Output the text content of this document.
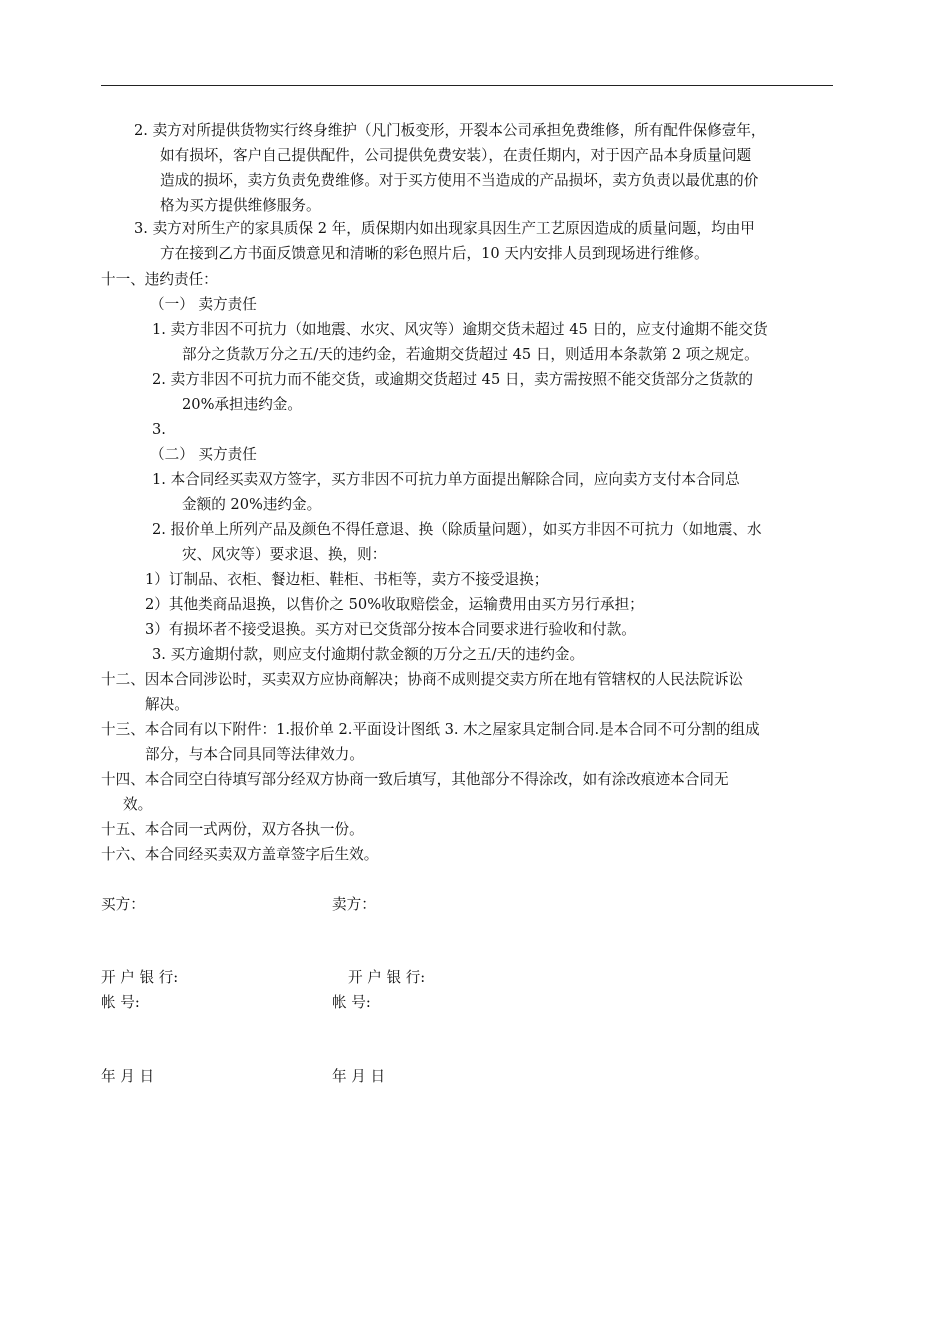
2. 卖方对所提供货物实行终身维护（凡门板变形，开裂本公司承担免费维修，所有配件保修壹年，

如有损坏，客户自己提供配件，公司提供免费安装），在责任期内，对于因产品本身质量问题

造成的损坏，卖方负责免费维修。对于买方使用不当造成的产品损坏，卖方负责以最优惠的价

格为买方提供维修服务。

3. 卖方对所生产的家具质保 2 年，质保期内如出现家具因生产工艺原因造成的质量问题，均由甲

方在接到乙方书面反馈意见和清晰的彩色照片后，10 天内安排人员到现场进行维修。

十一、违约责任：

（一） 卖方责任

1. 卖方非因不可抗力（如地震、水灾、风灾等）逾期交货未超过 45 日的，应支付逾期不能交货

部分之货款万分之五/天的违约金，若逾期交货超过 45 日，则适用本条款第 2 项之规定。

2. 卖方非因不可抗力而不能交货，或逾期交货超过 45 日，卖方需按照不能交货部分之货款的

20%承担违约金。

3.

（二） 买方责任

1. 本合同经买卖双方签字，买方非因不可抗力单方面提出解除合同，应向卖方支付本合同总

金额的 20%违约金。

2. 报价单上所列产品及颜色不得任意退、换（除质量问题），如买方非因不可抗力（如地震、水

灾、风灾等）要求退、换，则：

1）订制品、衣柜、餐边柜、鞋柜、书柜等，卖方不接受退换；

2）其他类商品退换，以售价之 50%收取赔偿金，运输费用由买方另行承担；

3）有损坏者不接受退换。买方对已交货部分按本合同要求进行验收和付款。

3. 买方逾期付款，则应支付逾期付款金额的万分之五/天的违约金。

十二、因本合同涉讼时，买卖双方应协商解决；协商不成则提交卖方所在地有管辖权的人民法院诉讼

解决。

十三、本合同有以下附件：1.报价单 2.平面设计图纸 3. 木之屋家具定制合同.是本合同不可分割的组成

部分，与本合同具同等法律效力。

十四、本合同空白待填写部分经双方协商一致后填写，其他部分不得涂改，如有涂改痕迹本合同无

效。

十五、本合同一式两份，双方各执一份。

十六、本合同经买卖双方盖章签字后生效。

买方：	卖方：

开 户 银 行:	开 户 银 行:

帐 号:	帐 号:

年 月 日	年 月 日
